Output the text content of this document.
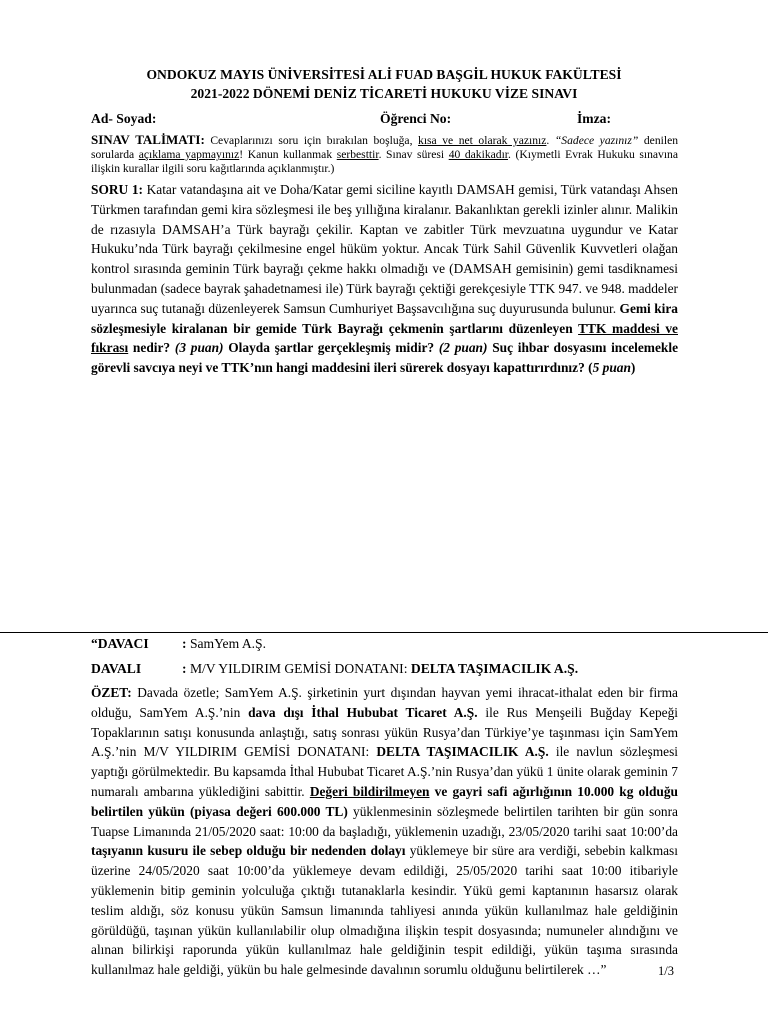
ONDOKUZ MAYIS ÜNİVERSİTESİ ALİ FUAD BAŞGİL HUKUK FAKÜLTESİ
2021-2022 DÖNEMİ DENİZ TİCARETİ HUKUKU VİZE SINAVI
Ad- Soyad:	Öğrenci No:	İmza:
SINAV TALİMATI: Cevaplarınızı soru için bırakılan boşluğa, kısa ve net olarak yazınız. “Sadece yazınız” denilen sorularda açıklama yapmayınız! Kanun kullanmak serbesttir. Sınav süresi 40 dakikadır. (Kıymetli Evrak Hukuku sınavına ilişkin kurallar ilgili soru kağıtlarında açıklanmıştır.)
SORU 1: Katar vatandaşına ait ve Doha/Katar gemi siciline kayıtlı DAMSAH gemisi, Türk vatandaşı Ahsen Türkmen tarafından gemi kira sözleşmesi ile beş yıllığına kiralanır. Bakanlıktan gerekli izinler alınır. Malikin de rızasıyla DAMSAH’a Türk bayrağı çekilir. Kaptan ve zabitler Türk mevzuatına uygundur ve Katar Hukuku’nda Türk bayrağı çekilmesine engel hüküm yoktur. Ancak Türk Sahil Güvenlik Kuvvetleri olağan kontrol sırasında geminin Türk bayrağı çekme hakkı olmadığı ve (DAMSAH gemisinin) gemi tasdiknamesi bulunmadan (sadece bayrak şahadetnamesi ile) Türk bayrağı çektiği gerekçesiyle TTK 947. ve 948. maddeler uyarınca suç tutanağı düzenleyerek Samsun Cumhuriyet Başsavcılığına suç duyurusunda bulunur. Gemi kira sözleşmesiyle kiralanan bir gemide Türk Bayrağı çekmenin şartlarını düzenleyen TTK maddesi ve fıkrası nedir? (3 puan) Olayda şartlar gerçekleşmiş midir? (2 puan) Suç ihbar dosyasını incelemekle görevli savcıya neyi ve TTK’nın hangi maddesini ileri sürerek dosyayı kapattırırdınız? (5 puan)
“DAVACI : SamYem A.Ş.
DAVALI	: M/V YILDIRIM GEMİSİ DONATANI: DELTA TAŞIMACILIK A.Ş.
ÖZET: Davada özetle; SamYem A.Ş. şirketinin yurt dışından hayvan yemi ihracat-ithalat eden bir firma olduğu, SamYem A.Ş.’nin dava dışı İthal Hububat Ticaret A.Ş. ile Rus Menşeili Buğday Kepeği Topaklarının satışı konusunda anlaştığı, satış sonrası yükün Rusya’dan Türkiye’ye taşınması için SamYem A.Ş.’nin M/V YILDIRIM GEMİSİ DONATANI: DELTA TAŞIMACILIK A.Ş. ile navlun sözleşmesi yaptığı görülmektedir. Bu kapsamda İthal Hububat Ticaret A.Ş.’nin Rusya’dan yükü 1 ünite olarak geminin 7 numaralı ambarına yüklediğini sabittir. Değeri bildirilmeyen ve gayri safi ağırlığının 10.000 kg olduğu belirtilen yükün (piyasa değeri 600.000 TL) yüklenmesinin sözleşmede belirtilen tarihten bir gün sonra Tuapse Limanında 21/05/2020 saat: 10:00 da başladığı, yüklemenin uzadığı, 23/05/2020 tarihi saat 10:00’da taşıyanın kusuru ile sebep olduğu bir nedenden dolayı yüklemeye bir süre ara verdiği, sebebin kalkması üzerine 24/05/2020 saat 10:00’da yüklemeye devam edildiği, 25/05/2020 tarihi saat 10:00 itibariyle yüklemenin bitip geminin yolculuğa çıktığı tutanaklarla kesindir. Yükü gemi kaptanının hasarsız olarak teslim aldığı, söz konusu yükün Samsun limanında tahliyesi anında yükün kullanılmaz hale geldiğinin görüldüğü, taşınan yükün kullanılabilir olup olmadığına ilişkin tespit dosyasında; numuneler alındığını ve alınan bilirkişi raporunda yükün kullanılmaz hale geldiğinin tespit edildiği, yükün taşıma sırasında kullanılmaz hale geldiği, yükün bu hale gelmesinde davalının sorumlu olduğunu belirtilerek …”	1/3
